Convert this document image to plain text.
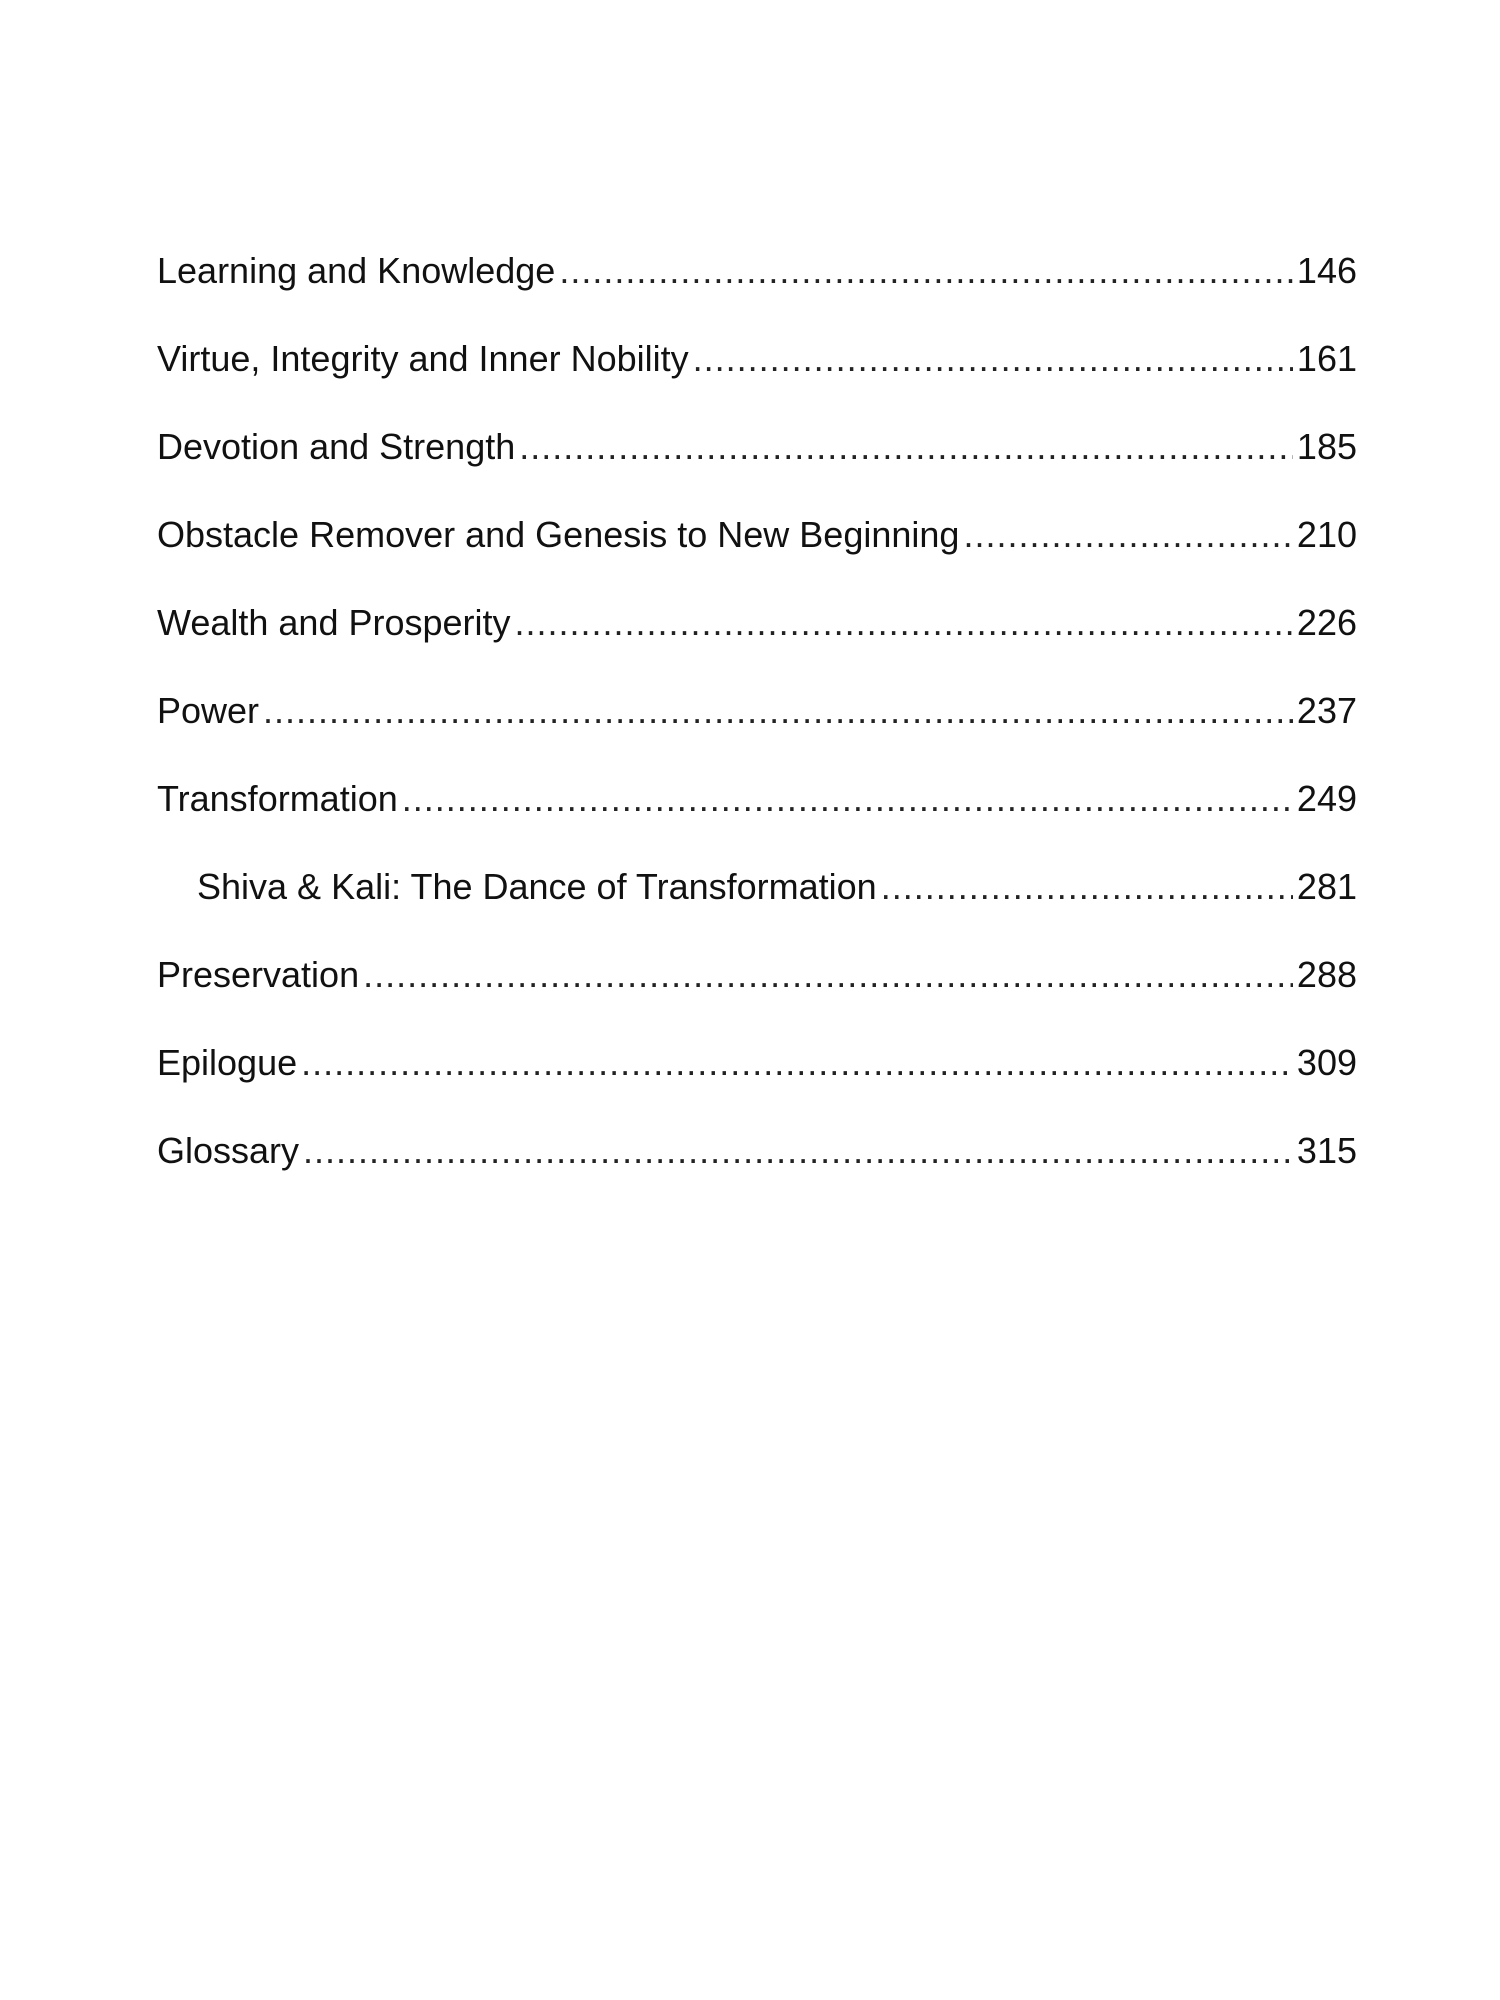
Learning and Knowledge .....	146
Virtue, Integrity and Inner Nobility .....	161
Devotion and Strength .....	185
Obstacle Remover and Genesis to New Beginning .....	210
Wealth and Prosperity .....	226
Power .....	237
Transformation .....	249
Shiva & Kali: The Dance of Transformation .....	281
Preservation .....	288
Epilogue .....	309
Glossary .....	315
